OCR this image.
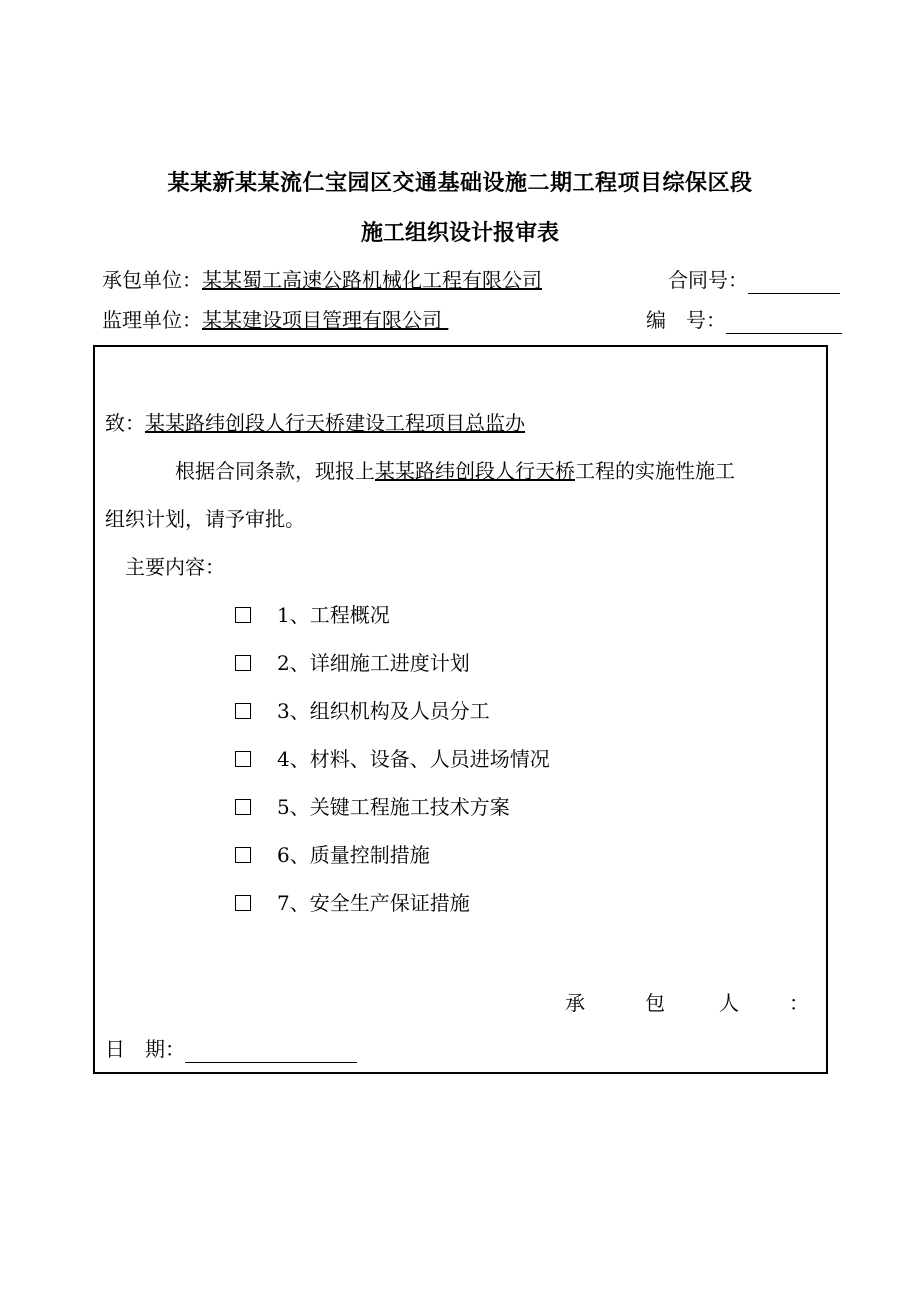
某某新某某流仁宝园区交通基础设施二期工程项目综保区段
施工组织设计报审表
承包单位：某某蜀工高速公路机械化工程有限公司	合同号：
监理单位：某某建设项目管理有限公司	编　号：
致：某某路纬创段人行天桥建设工程项目总监办
根据合同条款，现报上某某路纬创段人行天桥工程的实施性施工
组织计划，请予审批。
主要内容：
1、工程概况
2、详细施工进度计划
3、组织机构及人员分工
4、材料、设备、人员进场情况
5、关键工程施工技术方案
6、质量控制措施
7、安全生产保证措施
承	包	人	：
日　期：
